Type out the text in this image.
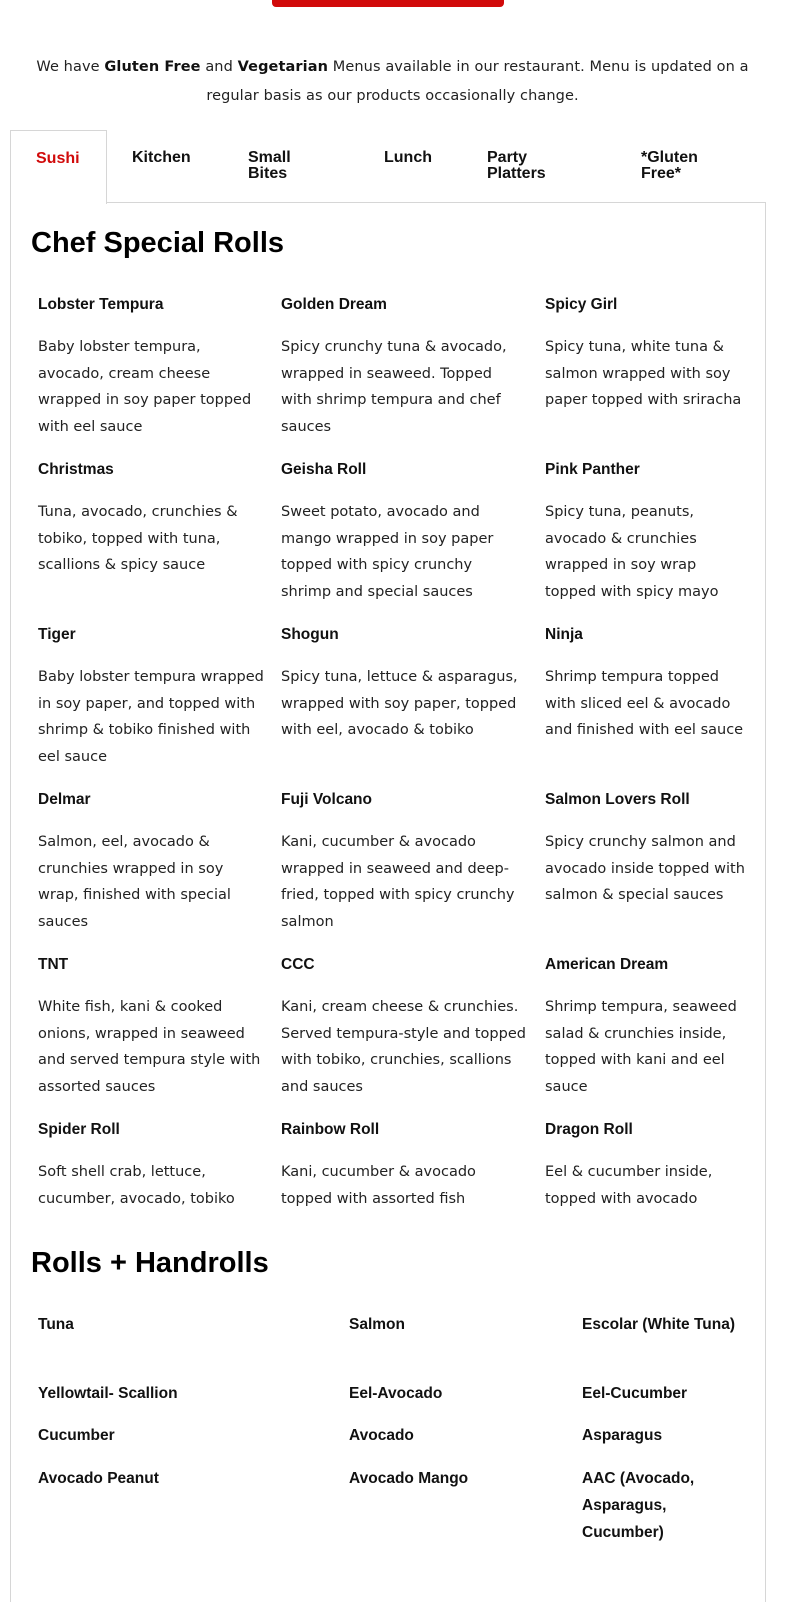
We have Gluten Free and Vegetarian Menus available in our restaurant. Menu is updated on a regular basis as our products occasionally change.

Sushi	Kitchen	Small Bites
Lunch	Party Platters
*Gluten Free*
Chef Special Rolls
Lobster Tempura
Baby lobster tempura, avocado, cream cheese wrapped in soy paper topped with eel sauce
Golden Dream
Spicy crunchy tuna & avocado, wrapped in seaweed. Topped with shrimp tempura and chef sauces
Spicy Girl
Spicy tuna, white tuna & salmon wrapped with soy paper topped with sriracha
Christmas
Tuna, avocado, crunchies & tobiko, topped with tuna, scallions & spicy sauce
Geisha Roll
Sweet potato, avocado and mango wrapped in soy paper topped with spicy crunchy shrimp and special sauces
Pink Panther
Spicy tuna, peanuts, avocado & crunchies wrapped in soy wrap topped with spicy mayo
Tiger
Baby lobster tempura wrapped in soy paper, and topped with shrimp & tobiko finished with eel sauce
Shogun
Spicy tuna, lettuce & asparagus, wrapped with soy paper, topped with eel, avocado & tobiko
Ninja
Shrimp tempura topped with sliced eel & avocado and finished with eel sauce
Delmar
Salmon, eel, avocado & crunchies wrapped in soy wrap, finished with special sauces
Fuji Volcano
Kani, cucumber & avocado wrapped in seaweed and deep-fried, topped with spicy crunchy salmon
Salmon Lovers Roll
Spicy crunchy salmon and avocado inside topped with salmon & special sauces
TNT
White fish, kani & cooked onions, wrapped in seaweed and served tempura style with assorted sauces
CCC
Kani, cream cheese & crunchies. Served tempura-style and topped with tobiko, crunchies, scallions and sauces
American Dream
Shrimp tempura, seaweed salad & crunchies inside, topped with kani and eel sauce
Spider Roll
Soft shell crab, lettuce, cucumber, avocado, tobiko
Rainbow Roll
Kani, cucumber & avocado topped with assorted fish
Dragon Roll
Eel & cucumber inside, topped with avocado
Rolls + Handrolls
Tuna	Salmon	Escolar (White Tuna)
Yellowtail- Scallion	Eel-Avocado	Eel-Cucumber
Cucumber	Avocado	Asparagus
Avocado Peanut	Avocado Mango	AAC (Avocado, Asparagus, Cucumber)
